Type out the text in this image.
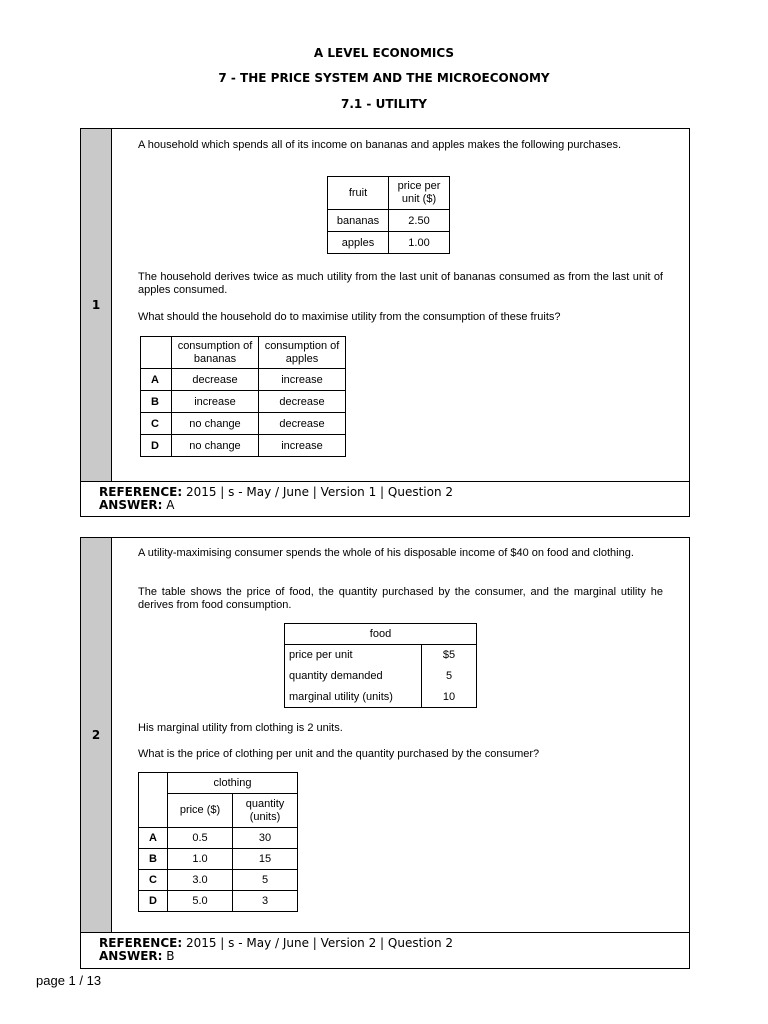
A LEVEL ECONOMICS
7 - THE PRICE SYSTEM AND THE MICROECONOMY
7.1 - UTILITY
1
A household which spends all of its income on bananas and apples makes the following purchases.
fruit	price per unit ($)
bananas	2.50
apples	1.00
The household derives twice as much utility from the last unit of bananas consumed as from the last unit of apples consumed.
What should the household do to maximise utility from the consumption of these fruits?
	consumption of bananas	consumption of apples
A	decrease	increase
B	increase	decrease
C	no change	decrease
D	no change	increase
REFERENCE: 2015 | s - May / June | Version 1 | Question 2
ANSWER: A
2
A utility-maximising consumer spends the whole of his disposable income of $40 on food and clothing.
The table shows the price of food, the quantity purchased by the consumer, and the marginal utility he derives from food consumption.
food	
price per unit	$5
quantity demanded	5
marginal utility (units)	10
His marginal utility from clothing is 2 units.
What is the price of clothing per unit and the quantity purchased by the consumer?
	clothing	
	price ($)	quantity (units)
A	0.5	30
B	1.0	15
C	3.0	5
D	5.0	3
REFERENCE: 2015 | s - May / June | Version 2 | Question 2
ANSWER: B
page 1 / 13
